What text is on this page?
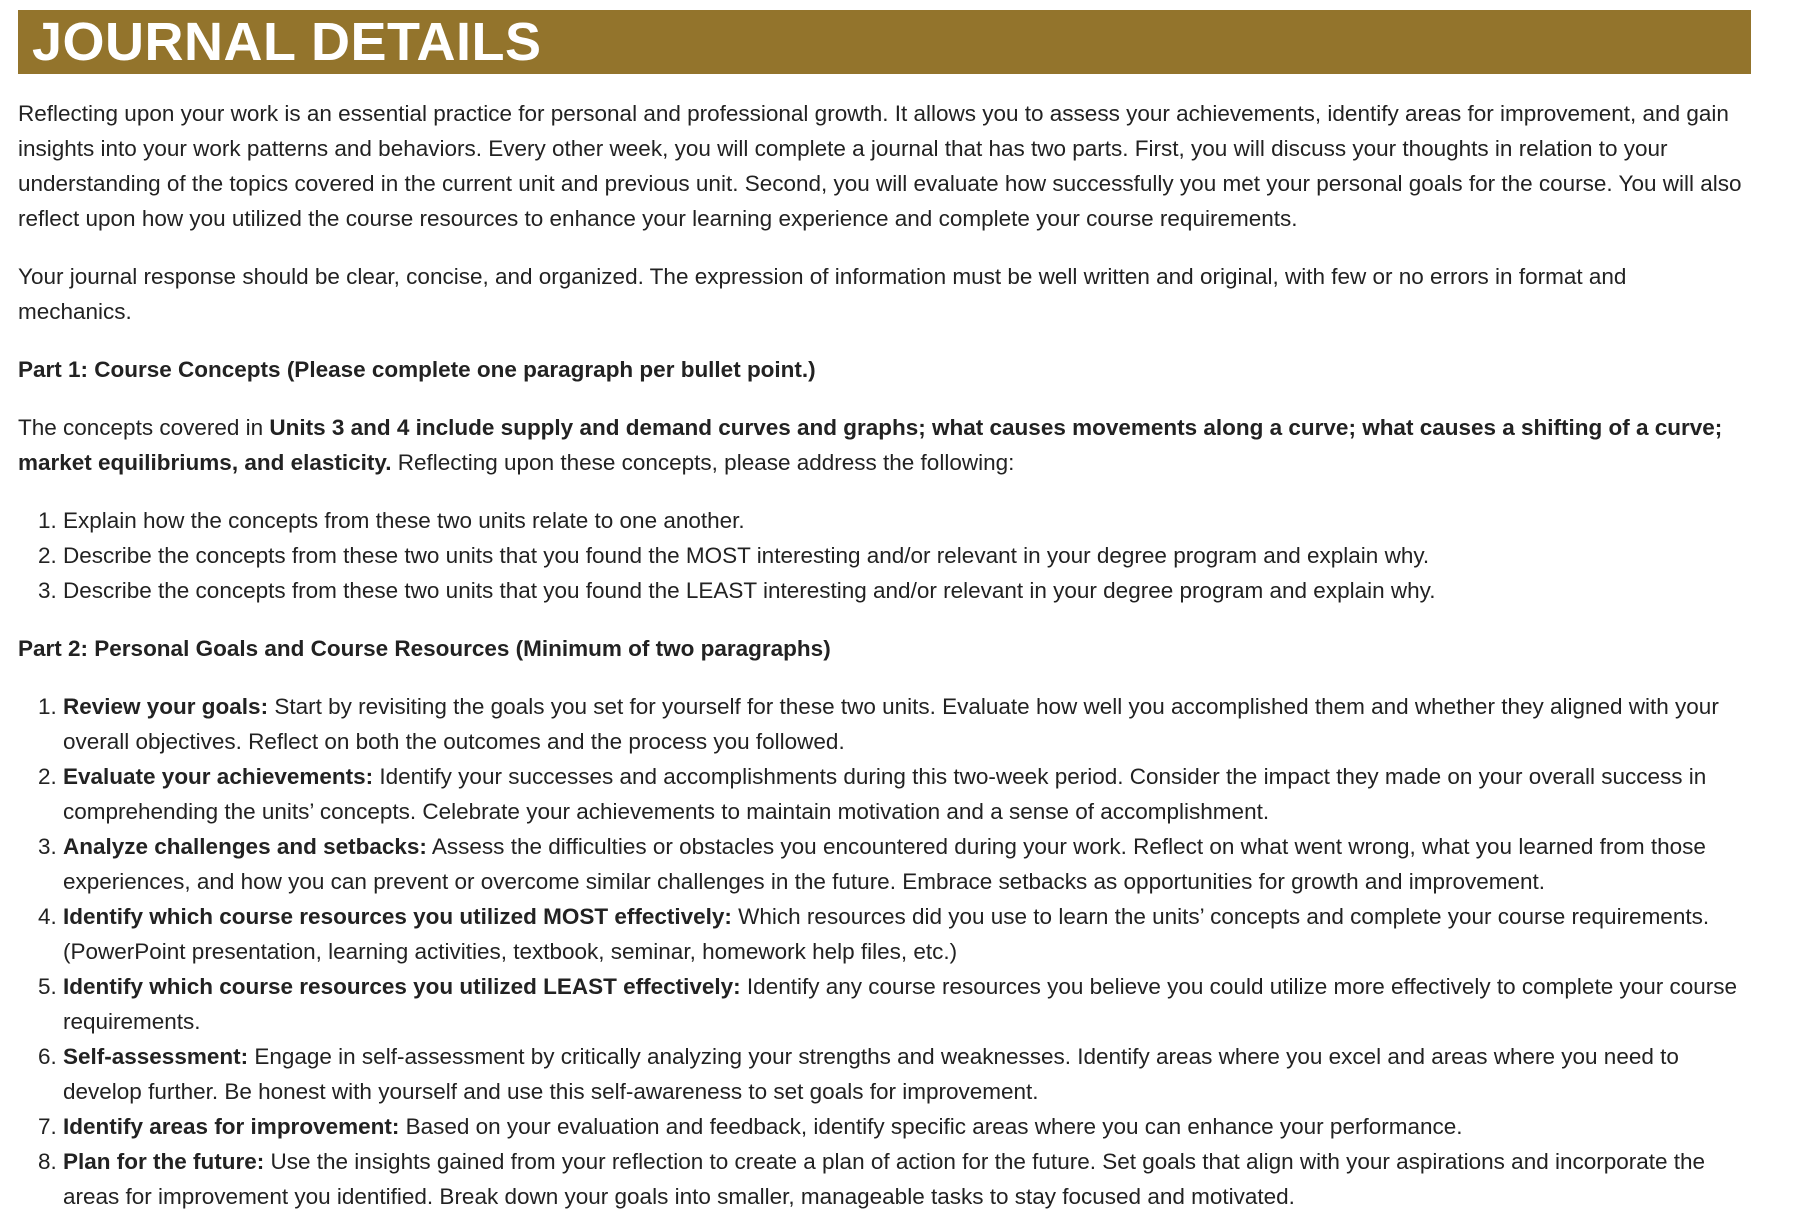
JOURNAL DETAILS

Reflecting upon your work is an essential practice for personal and professional growth. It allows you to assess your achievements, identify areas for improvement, and gain insights into your work patterns and behaviors. Every other week, you will complete a journal that has two parts. First, you will discuss your thoughts in relation to your understanding of the topics covered in the current unit and previous unit. Second, you will evaluate how successfully you met your personal goals for the course. You will also reflect upon how you utilized the course resources to enhance your learning experience and complete your course requirements.

Your journal response should be clear, concise, and organized. The expression of information must be well written and original, with few or no errors in format and mechanics.

Part 1: Course Concepts (Please complete one paragraph per bullet point.)

The concepts covered in Units 3 and 4 include supply and demand curves and graphs; what causes movements along a curve; what causes a shifting of a curve; market equilibriums, and elasticity. Reflecting upon these concepts, please address the following:

1. Explain how the concepts from these two units relate to one another.
2. Describe the concepts from these two units that you found the MOST interesting and/or relevant in your degree program and explain why.
3. Describe the concepts from these two units that you found the LEAST interesting and/or relevant in your degree program and explain why.

Part 2: Personal Goals and Course Resources (Minimum of two paragraphs)

1. Review your goals: Start by revisiting the goals you set for yourself for these two units. Evaluate how well you accomplished them and whether they aligned with your overall objectives. Reflect on both the outcomes and the process you followed.
2. Evaluate your achievements: Identify your successes and accomplishments during this two-week period. Consider the impact they made on your overall success in comprehending the units’ concepts. Celebrate your achievements to maintain motivation and a sense of accomplishment.
3. Analyze challenges and setbacks: Assess the difficulties or obstacles you encountered during your work. Reflect on what went wrong, what you learned from those experiences, and how you can prevent or overcome similar challenges in the future. Embrace setbacks as opportunities for growth and improvement.
4. Identify which course resources you utilized MOST effectively: Which resources did you use to learn the units’ concepts and complete your course requirements. (PowerPoint presentation, learning activities, textbook, seminar, homework help files, etc.)
5. Identify which course resources you utilized LEAST effectively: Identify any course resources you believe you could utilize more effectively to complete your course requirements.
6. Self-assessment: Engage in self-assessment by critically analyzing your strengths and weaknesses. Identify areas where you excel and areas where you need to develop further. Be honest with yourself and use this self-awareness to set goals for improvement.
7. Identify areas for improvement: Based on your evaluation and feedback, identify specific areas where you can enhance your performance.
8. Plan for the future: Use the insights gained from your reflection to create a plan of action for the future. Set goals that align with your aspirations and incorporate the areas for improvement you identified. Break down your goals into smaller, manageable tasks to stay focused and motivated.
